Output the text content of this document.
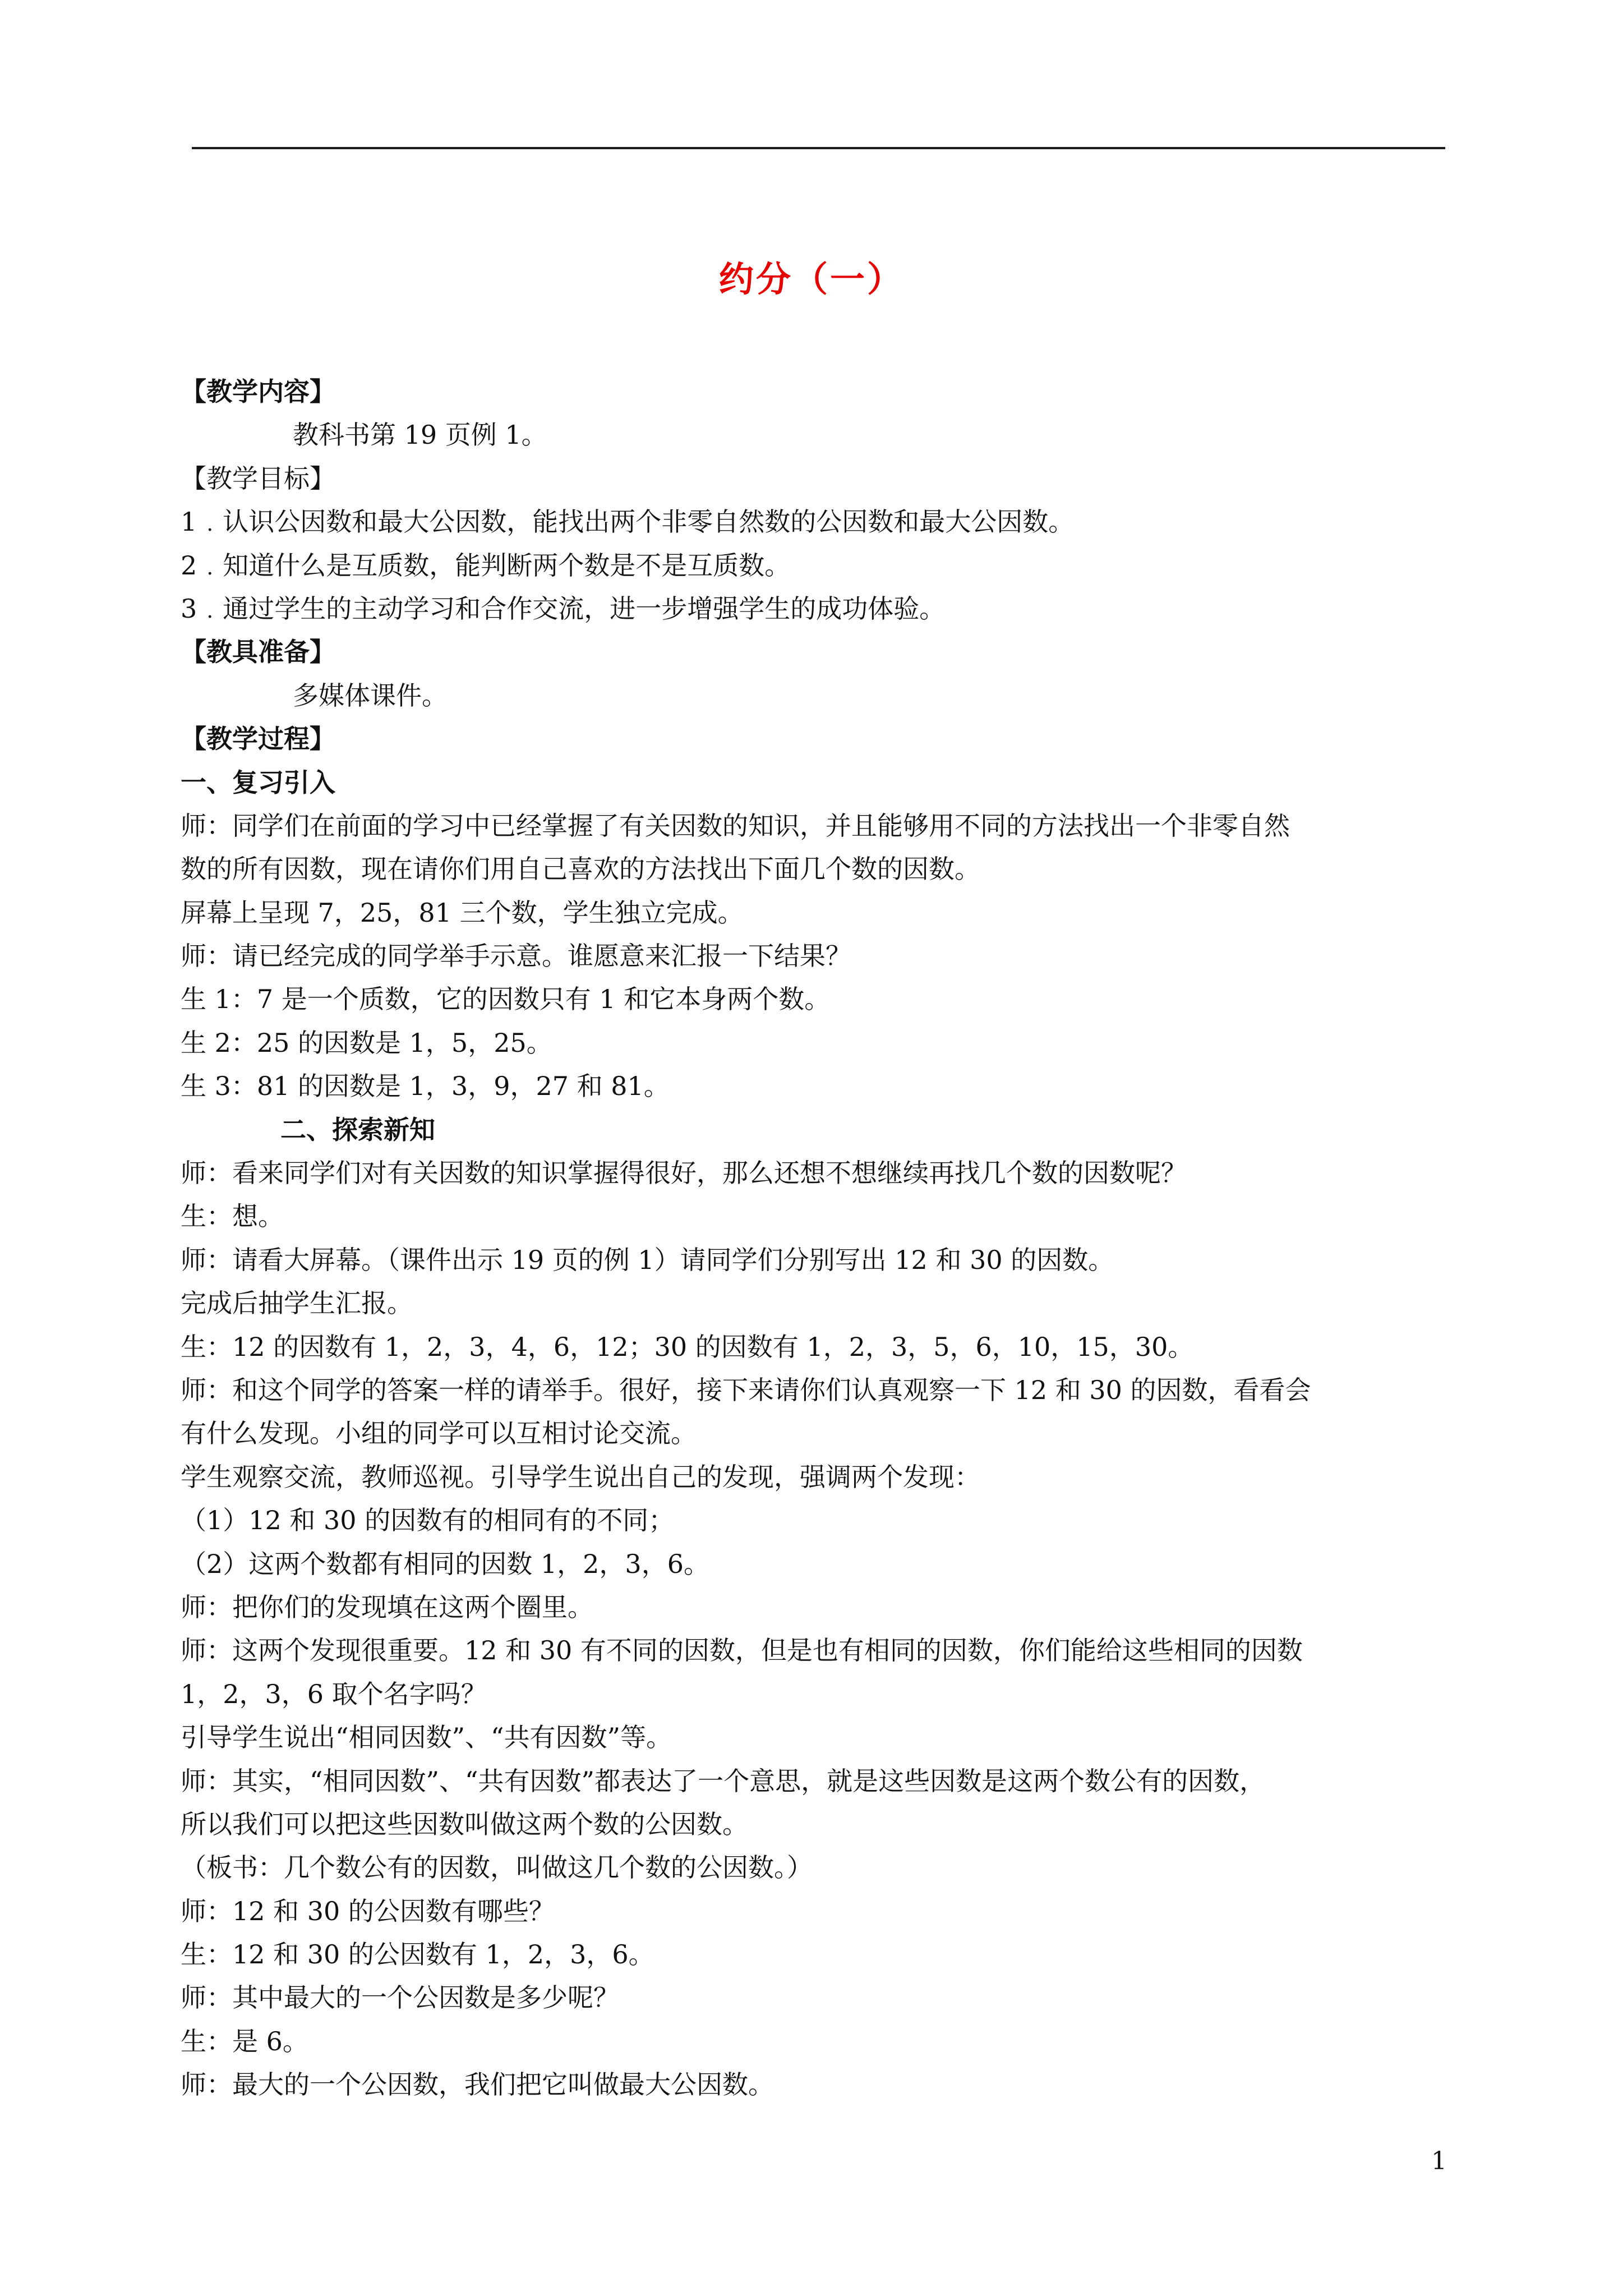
约分（一）
【教学内容】
教科书第 19 页例 1。
【教学目标】
1﹒认识公因数和最大公因数，能找出两个非零自然数的公因数和最大公因数。
2﹒知道什么是互质数，能判断两个数是不是互质数。
3﹒通过学生的主动学习和合作交流，进一步增强学生的成功体验。
【教具准备】
多媒体课件。
【教学过程】
一、复习引入
师：同学们在前面的学习中已经掌握了有关因数的知识，并且能够用不同的方法找出一个非零自然
数的所有因数，现在请你们用自己喜欢的方法找出下面几个数的因数。
屏幕上呈现 7，25，81 三个数，学生独立完成。
师：请已经完成的同学举手示意。谁愿意来汇报一下结果？
生 1：7 是一个质数，它的因数只有 1 和它本身两个数。
生 2：25 的因数是 1，5，25。
生 3：81 的因数是 1，3，9，27 和 81。
二、探索新知
师：看来同学们对有关因数的知识掌握得很好，那么还想不想继续再找几个数的因数呢？
生：想。
师：请看大屏幕。（课件出示 19 页的例 1）请同学们分别写出 12 和 30 的因数。
完成后抽学生汇报。
生：12 的因数有 1，2，3，4，6，12；30 的因数有 1，2，3，5，6，10，15，30。
师：和这个同学的答案一样的请举手。很好，接下来请你们认真观察一下 12 和 30 的因数，看看会
有什么发现。小组的同学可以互相讨论交流。
学生观察交流，教师巡视。引导学生说出自己的发现，强调两个发现：
（1）12 和 30 的因数有的相同有的不同；
（2）这两个数都有相同的因数 1，2，3，6。
师：把你们的发现填在这两个圈里。
师：这两个发现很重要。12 和 30 有不同的因数，但是也有相同的因数，你们能给这些相同的因数
1，2，3，6 取个名字吗？
引导学生说出“相同因数”、“共有因数”等。
师：其实，“相同因数”、“共有因数”都表达了一个意思，就是这些因数是这两个数公有的因数，
所以我们可以把这些因数叫做这两个数的公因数。
（板书：几个数公有的因数，叫做这几个数的公因数。）
师：12 和 30 的公因数有哪些？
生：12 和 30 的公因数有 1，2，3，6。
师：其中最大的一个公因数是多少呢？
生：是 6。
师：最大的一个公因数，我们把它叫做最大公因数。
1
